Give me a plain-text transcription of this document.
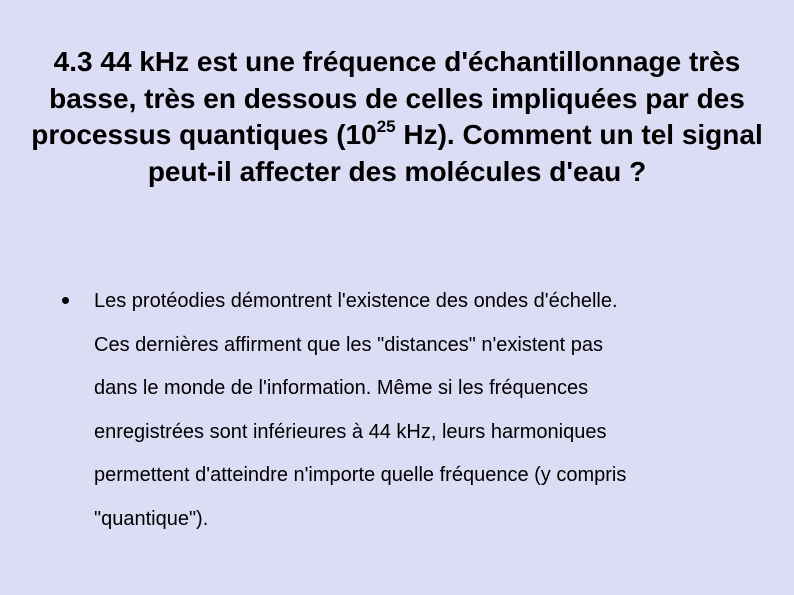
4.3 44 kHz est une fréquence d'échantillonnage très basse, très en dessous de celles impliquées par des processus quantiques ($10^{25}$ Hz). Comment un tel signal peut-il affecter des molécules d'eau ?
Les protéodies démontrent l'existence des ondes d'échelle.
Ces dernières affirment que les "distances" n'existent pas
dans le monde de l'information. Même si les fréquences
enregistrées sont inférieures à 44 kHz, leurs harmoniques
permettent d'atteindre n'importe quelle fréquence (y compris
"quantique").
